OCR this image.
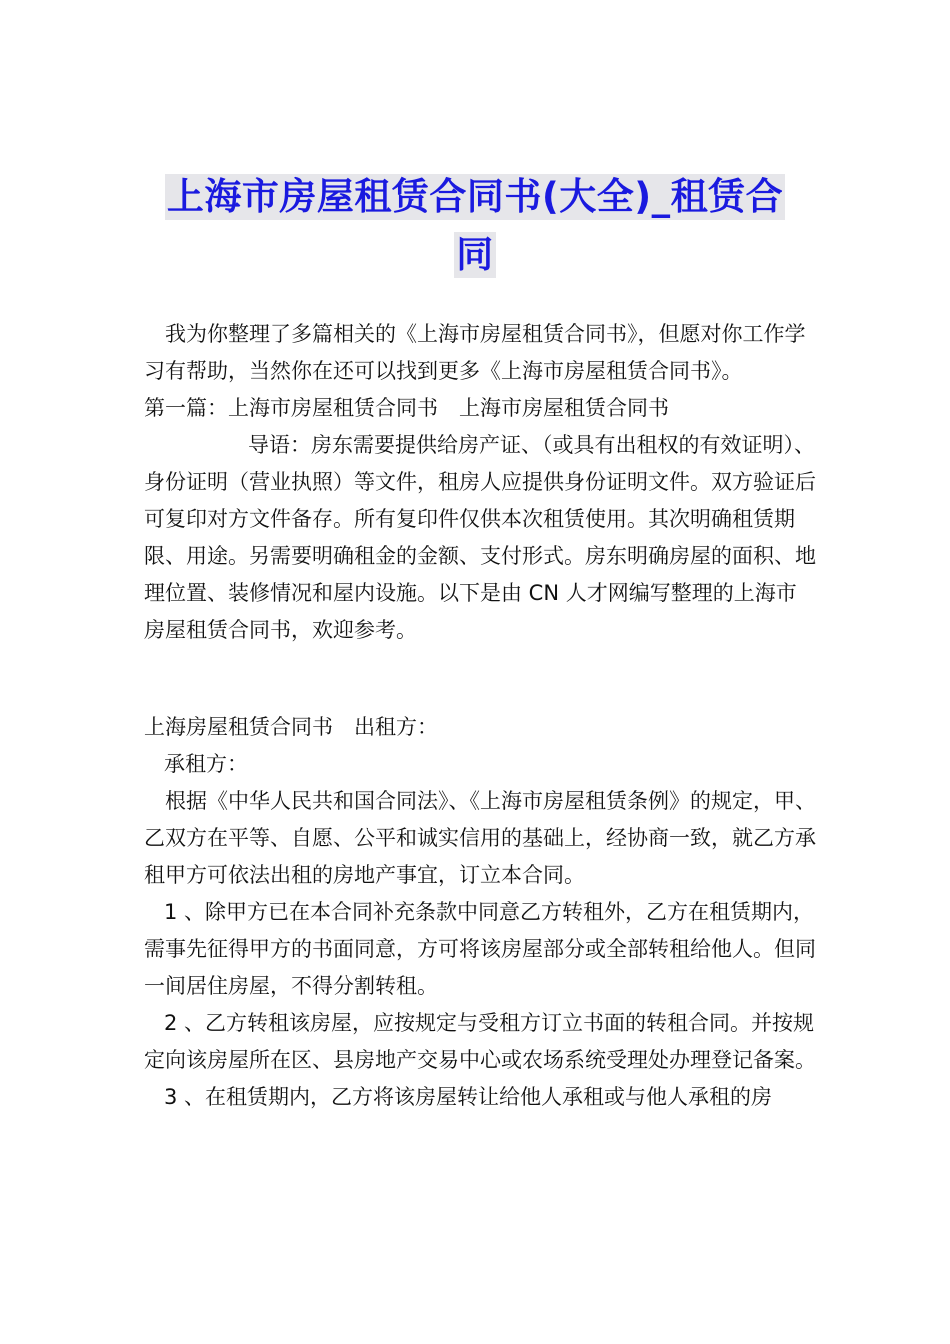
上海市房屋租赁合同书(大全)_租赁合
同

我为你整理了多篇相关的《上海市房屋租赁合同书》，但愿对你工作学习有帮助，当然你在还可以找到更多《上海市房屋租赁合同书》。

第一篇：上海市房屋租赁合同书　上海市房屋租赁合同书

导语：房东需要提供给房产证、（或具有出租权的有效证明）、身份证明（营业执照）等文件，租房人应提供身份证明文件。双方验证后可复印对方文件备存。所有复印件仅供本次租赁使用。其次明确租赁期限、用途。另需要明确租金的金额、支付形式。房东明确房屋的面积、地理位置、装修情况和屋内设施。以下是由 CN 人才网编写整理的上海市房屋租赁合同书，欢迎参考。

上海房屋租赁合同书　出租方：

承租方：

根据《中华人民共和国合同法》、《上海市房屋租赁条例》的规定，甲、乙双方在平等、自愿、公平和诚实信用的基础上，经协商一致，就乙方承租甲方可依法出租的房地产事宜，订立本合同。

1 、除甲方已在本合同补充条款中同意乙方转租外，乙方在租赁期内，需事先征得甲方的书面同意，方可将该房屋部分或全部转租给他人。但同一间居住房屋，不得分割转租。

2 、乙方转租该房屋，应按规定与受租方订立书面的转租合同。并按规定向该房屋所在区、县房地产交易中心或农场系统受理处办理登记备案。

3 、在租赁期内，乙方将该房屋转让给他人承租或与他人承租的房
